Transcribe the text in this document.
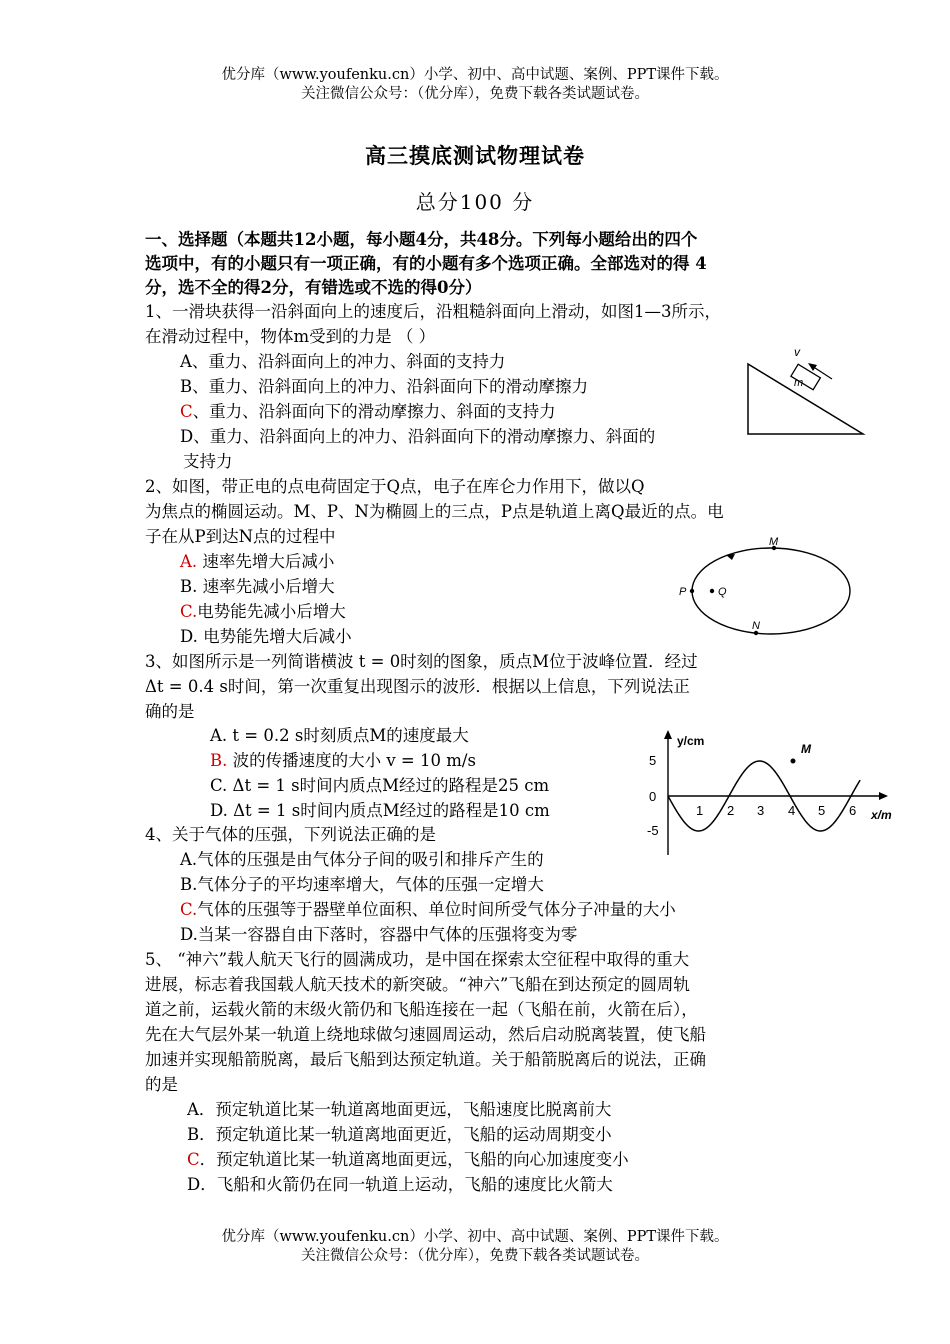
优分库（www.youfenku.cn）小学、初中、高中试题、案例、PPT课件下载。
关注微信公众号：（优分库），免费下载各类试题试卷。
高三摸底测试物理试卷
总分100 分
一、选择题（本题共12小题，每小题4分，共48分。下列每小题给出的四个
选项中，有的小题只有一项正确，有的小题有多个选项正确。全部选对的得 4
分，选不全的得2分，有错选或不选的得0分）
1、一滑块获得一沿斜面向上的速度后，沿粗糙斜面向上滑动，如图1—3所示，
在滑动过程中，物体m受到的力是 （ ）
A、重力、沿斜面向上的冲力、斜面的支持力
B、重力、沿斜面向上的冲力、沿斜面向下的滑动摩擦力
C、重力、沿斜面向下的滑动摩擦力、斜面的支持力
D、重力、沿斜面向上的冲力、沿斜面向下的滑动摩擦力、斜面的
支持力
m
v
2、如图，带正电的点电荷固定于Q点，电子在库仑力作用下，做以Q
为焦点的椭圆运动。M、P、N为椭圆上的三点，P点是轨道上离Q最近的点。电
子在从P到达N点的过程中
A. 速率先增大后减小
B. 速率先减小后增大
C.电势能先减小后增大
D. 电势能先增大后减小
M
P	Q
N
3、如图所示是一列简谐横波 t = 0时刻的图象，质点M位于波峰位置．经过
Δt = 0.4 s时间，第一次重复出现图示的波形．根据以上信息，下列说法正
确的是
A. t = 0.2 s时刻质点M的速度最大
B. 波的传播速度的大小 v = 10 m/s
C. Δt = 1 s时间内质点M经过的路程是25 cm
D. Δt = 1 s时间内质点M经过的路程是10 cm
y/cm
x/m
5
0
-5
1 2 3 4 5 6
M
4、关于气体的压强，下列说法正确的是
A.气体的压强是由气体分子间的吸引和排斥产生的
B.气体分子的平均速率增大，气体的压强一定增大
C.气体的压强等于器壁单位面积、单位时间所受气体分子冲量的大小
D.当某一容器自由下落时，容器中气体的压强将变为零
5、 “神六”载人航天飞行的圆满成功，是中国在探索太空征程中取得的重大
进展，标志着我国载人航天技术的新突破。“神六”飞船在到达预定的圆周轨
道之前，运载火箭的末级火箭仍和飞船连接在一起（飞船在前，火箭在后），
先在大气层外某一轨道上绕地球做匀速圆周运动，然后启动脱离装置，使飞船
加速并实现船箭脱离，最后飞船到达预定轨道。关于船箭脱离后的说法，正确
的是
A．预定轨道比某一轨道离地面更远，飞船速度比脱离前大
B．预定轨道比某一轨道离地面更近，飞船的运动周期变小
C．预定轨道比某一轨道离地面更远，飞船的向心加速度变小
D．飞船和火箭仍在同一轨道上运动，飞船的速度比火箭大
优分库（www.youfenku.cn）小学、初中、高中试题、案例、PPT课件下载。
关注微信公众号：（优分库），免费下载各类试题试卷。
